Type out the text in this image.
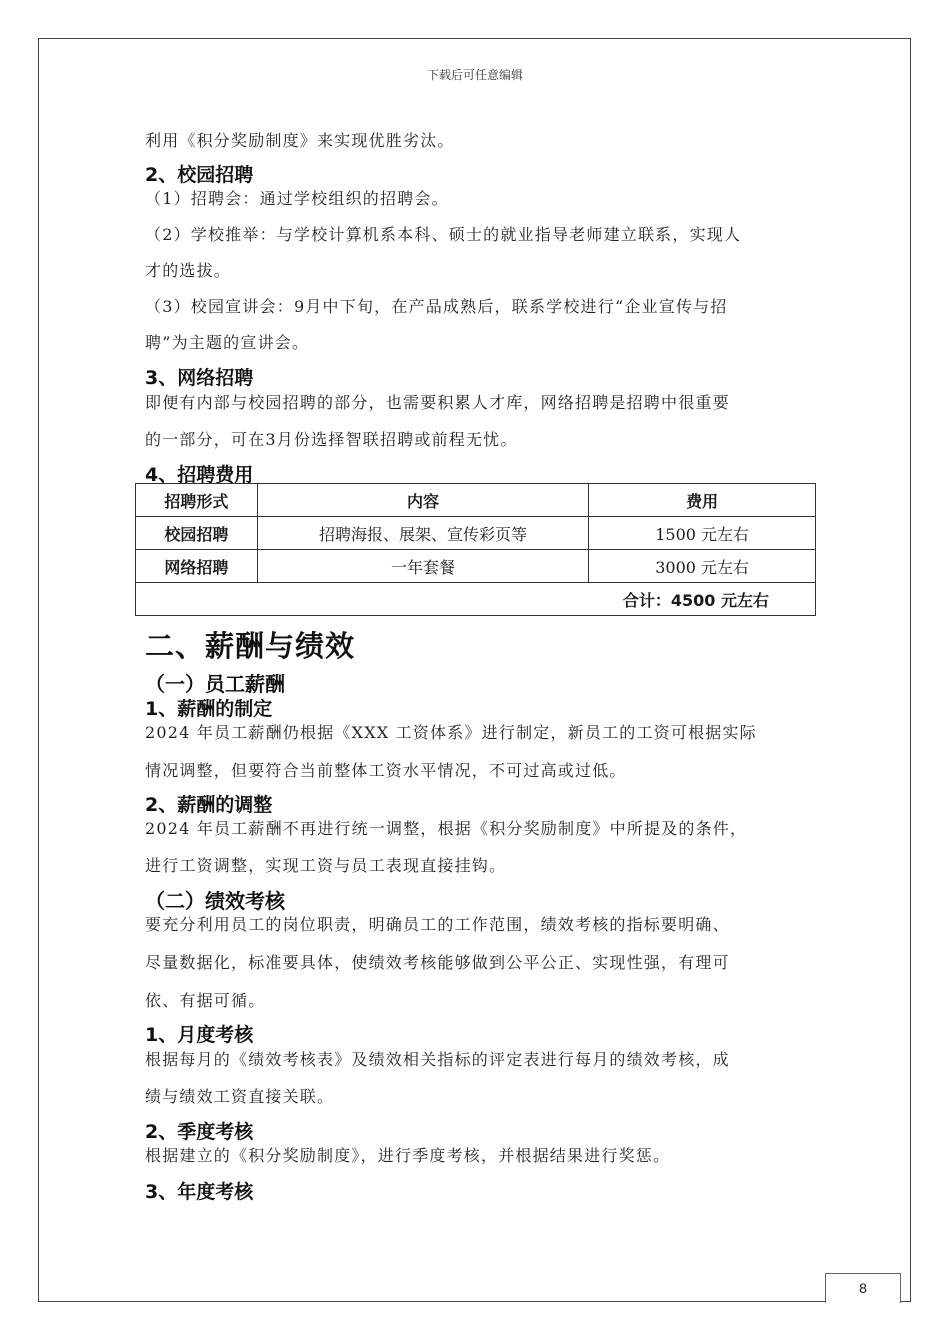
下载后可任意编辑
利用《积分奖励制度》来实现优胜劣汰。
2、校园招聘
（1）招聘会：通过学校组织的招聘会。
（2）学校推举：与学校计算机系本科、硕士的就业指导老师建立联系，实现人
才的选拔。
（3）校园宣讲会：9月中下旬，在产品成熟后，联系学校进行“企业宣传与招
聘”为主题的宣讲会。
3、网络招聘
即便有内部与校园招聘的部分，也需要积累人才库，网络招聘是招聘中很重要
的一部分，可在3月份选择智联招聘或前程无忧。
4、招聘费用
招聘形式	内容	费用
校园招聘	招聘海报、展架、宣传彩页等	1500 元左右
网络招聘	一年套餐	3000 元左右
合计：4500 元左右		
二、薪酬与绩效
（一）员工薪酬
1、薪酬的制定
2024 年员工薪酬仍根据《XXX 工资体系》进行制定，新员工的工资可根据实际
情况调整，但要符合当前整体工资水平情况，不可过高或过低。
2、薪酬的调整
2024 年员工薪酬不再进行统一调整，根据《积分奖励制度》中所提及的条件，
进行工资调整，实现工资与员工表现直接挂钩。
（二）绩效考核
要充分利用员工的岗位职责，明确员工的工作范围，绩效考核的指标要明确、
尽量数据化，标准要具体，使绩效考核能够做到公平公正、实现性强，有理可
依、有据可循。
1、月度考核
根据每月的《绩效考核表》及绩效相关指标的评定表进行每月的绩效考核，成
绩与绩效工资直接关联。
2、季度考核
根据建立的《积分奖励制度》，进行季度考核，并根据结果进行奖惩。
3、年度考核
8
